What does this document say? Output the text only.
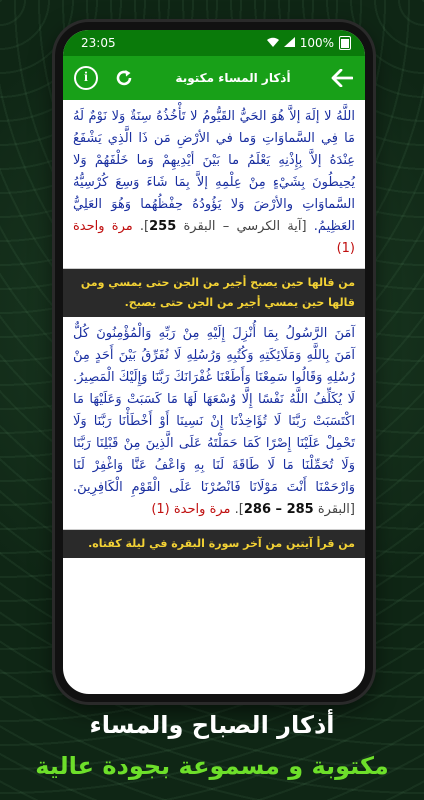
23:05	100%
i	أذكار المساء مكتوبة
اللَّهُ لا إلَهَ إلاَّ هُوَ الحَيُّ القَيُّومُ لا تَأْخُذُهُ سِنَةٌ وَلا نَوْمٌ لَهُ مَا فِي السَّماوَاتِ وَما في الأرْضِ مَن ذَا الَّذِي يَشْفَعُ عِنْدَهُ إلاَّ بِإِذْنِهِ يَعْلَمُ ما بَيْنَ أيْدِيهِمْ وَما خَلْفَهُمْ وَلا يُحِيطُونَ بِشَيْءٍ مِنْ عِلْمِهِ إلاَّ بِمَا شَاءَ وَسِعَ كُرْسِيُّهُ السَّماوَاتِ والأرْضَ وَلا يَؤُودُهُ حِفْظُهُما وَهُوَ العَلِيُّ العَظِيمُ. [آية الكرسي – البقرة 255]. مرة واحدة (1)
من قالها حين يصبح أجير من الجن حتى يمسي ومن قالها حين يمسي أجير من الجن حتى يصبح.
آمَنَ الرَّسُولُ بِمَا أُنْزِلَ إِلَيْهِ مِنْ رَبِّهِ وَالْمُؤْمِنُونَ كُلٌّ آمَنَ بِاللَّهِ وَمَلَائِكَتِهِ وَكُتُبِهِ وَرُسُلِهِ لَا نُفَرِّقُ بَيْنَ أَحَدٍ مِنْ رُسُلِهِ وَقَالُوا سَمِعْنَا وَأَطَعْنَا غُفْرَانَكَ رَبَّنَا وَإِلَيْكَ الْمَصِيرُ. لَا يُكَلِّفُ اللَّهُ نَفْسًا إِلَّا وُسْعَهَا لَهَا مَا كَسَبَتْ وَعَلَيْهَا مَا اكْتَسَبَتْ رَبَّنَا لَا تُؤَاخِذْنَا إِنْ نَسِينَا أَوْ أَخْطَأْنَا رَبَّنَا وَلَا تَحْمِلْ عَلَيْنَا إِصْرًا كَمَا حَمَلْتَهُ عَلَى الَّذِينَ مِنْ قَبْلِنَا رَبَّنَا وَلَا تُحَمِّلْنَا مَا لَا طَاقَةَ لَنَا بِهِ وَاعْفُ عَنَّا وَاغْفِرْ لَنَا وَارْحَمْنَا أَنْتَ مَوْلَانَا فَانْصُرْنَا عَلَى الْقَوْمِ الْكَافِرِينَ. [البقرة 285 – 286]. مرة واحدة (1)
من قرأ آيتين من آخر سورة البقرة في ليلة كفتاه.
أذكار الصباح والمساء
مكتوبة و مسموعة بجودة عالية
